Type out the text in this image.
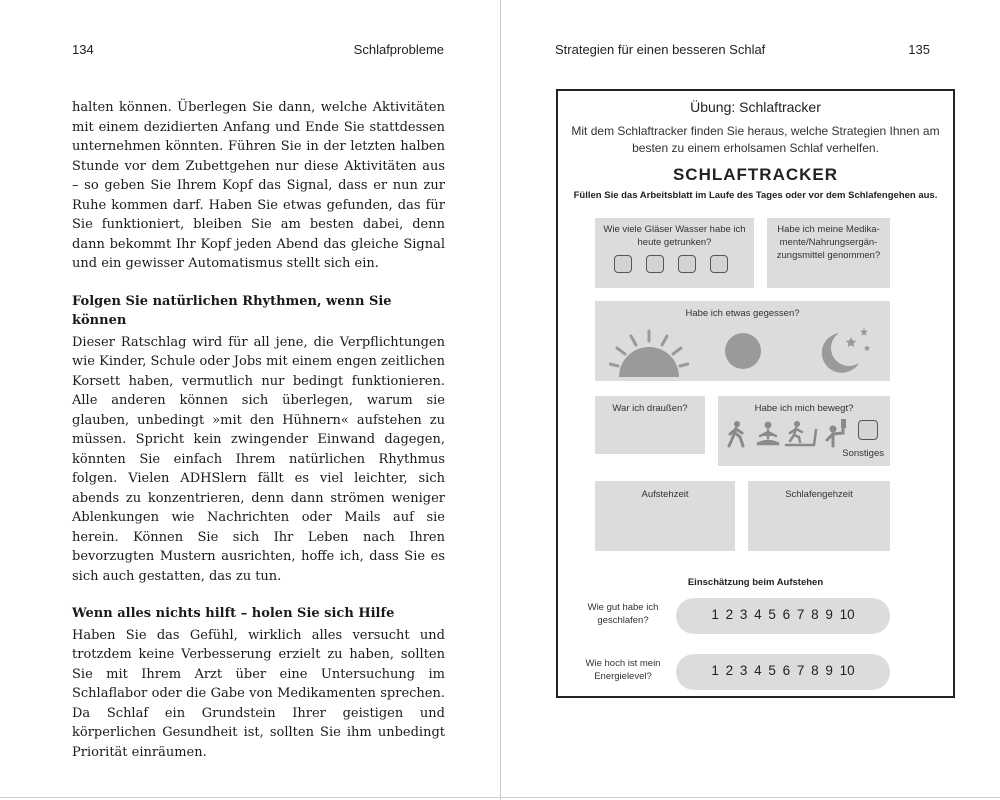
134	Schlafprobleme

halten können. Überlegen Sie dann, welche Aktivitäten mit einem dezidierten Anfang und Ende Sie stattdessen unternehmen könnten. Führen Sie in der letzten halben Stunde vor dem Zubettgehen nur diese Aktivitäten aus – so geben Sie Ihrem Kopf das Signal, dass er nun zur Ruhe kommen darf. Haben Sie etwas gefunden, das für Sie funktioniert, bleiben Sie am besten dabei, denn dann bekommt Ihr Kopf jeden Abend das gleiche Signal und ein gewisser Automatismus stellt sich ein.

Folgen Sie natürlichen Rhythmen, wenn Sie können

Dieser Ratschlag wird für all jene, die Verpflichtungen wie Kinder, Schule oder Jobs mit einem engen zeitlichen Korsett haben, vermutlich nur bedingt funktionieren. Alle anderen können sich überlegen, warum sie glauben, unbedingt »mit den Hühnern« aufstehen zu müssen. Spricht kein zwingender Einwand dagegen, könnten Sie einfach Ihrem natürlichen Rhythmus folgen. Vielen ADHSlern fällt es viel leichter, sich abends zu konzentrieren, denn dann strömen weniger Ablenkungen wie Nachrichten oder Mails auf sie herein. Können Sie sich Ihr Leben nach Ihren bevorzugten Mustern ausrichten, hoffe ich, dass Sie es sich auch gestatten, das zu tun.

Wenn alles nichts hilft – holen Sie sich Hilfe

Haben Sie das Gefühl, wirklich alles versucht und trotzdem keine Verbesserung erzielt zu haben, sollten Sie mit Ihrem Arzt über eine Untersuchung im Schlaflabor oder die Gabe von Medikamenten sprechen. Da Schlaf ein Grundstein Ihrer geistigen und körperlichen Gesundheit ist, sollten Sie ihm unbedingt Priorität einräumen.

Strategien für einen besseren Schlaf	135
Übung: Schlaftracker
Mit dem Schlaftracker finden Sie heraus, welche Strategien Ihnen am besten zu einem erholsamen Schlaf verhelfen.
SCHLAFTRACKER
Füllen Sie das Arbeitsblatt im Laufe des Tages oder vor dem Schlafengehen aus.
Wie viele Gläser Wasser habe ich
heute getrunken?
Habe ich meine Medika-
mente/Nahrungsergän-
zungsmittel genommen?
Habe ich etwas gegessen?
War ich draußen?	Habe ich mich bewegt?
Sonstiges
Aufstehzeit	Schlafengehzeit
Einschätzung beim Aufstehen
Wie gut habe ich
geschlafen?	1 2 3 4 5 6 7 8 9 10
Wie hoch ist mein
Energielevel?	1 2 3 4 5 6 7 8 9 10
